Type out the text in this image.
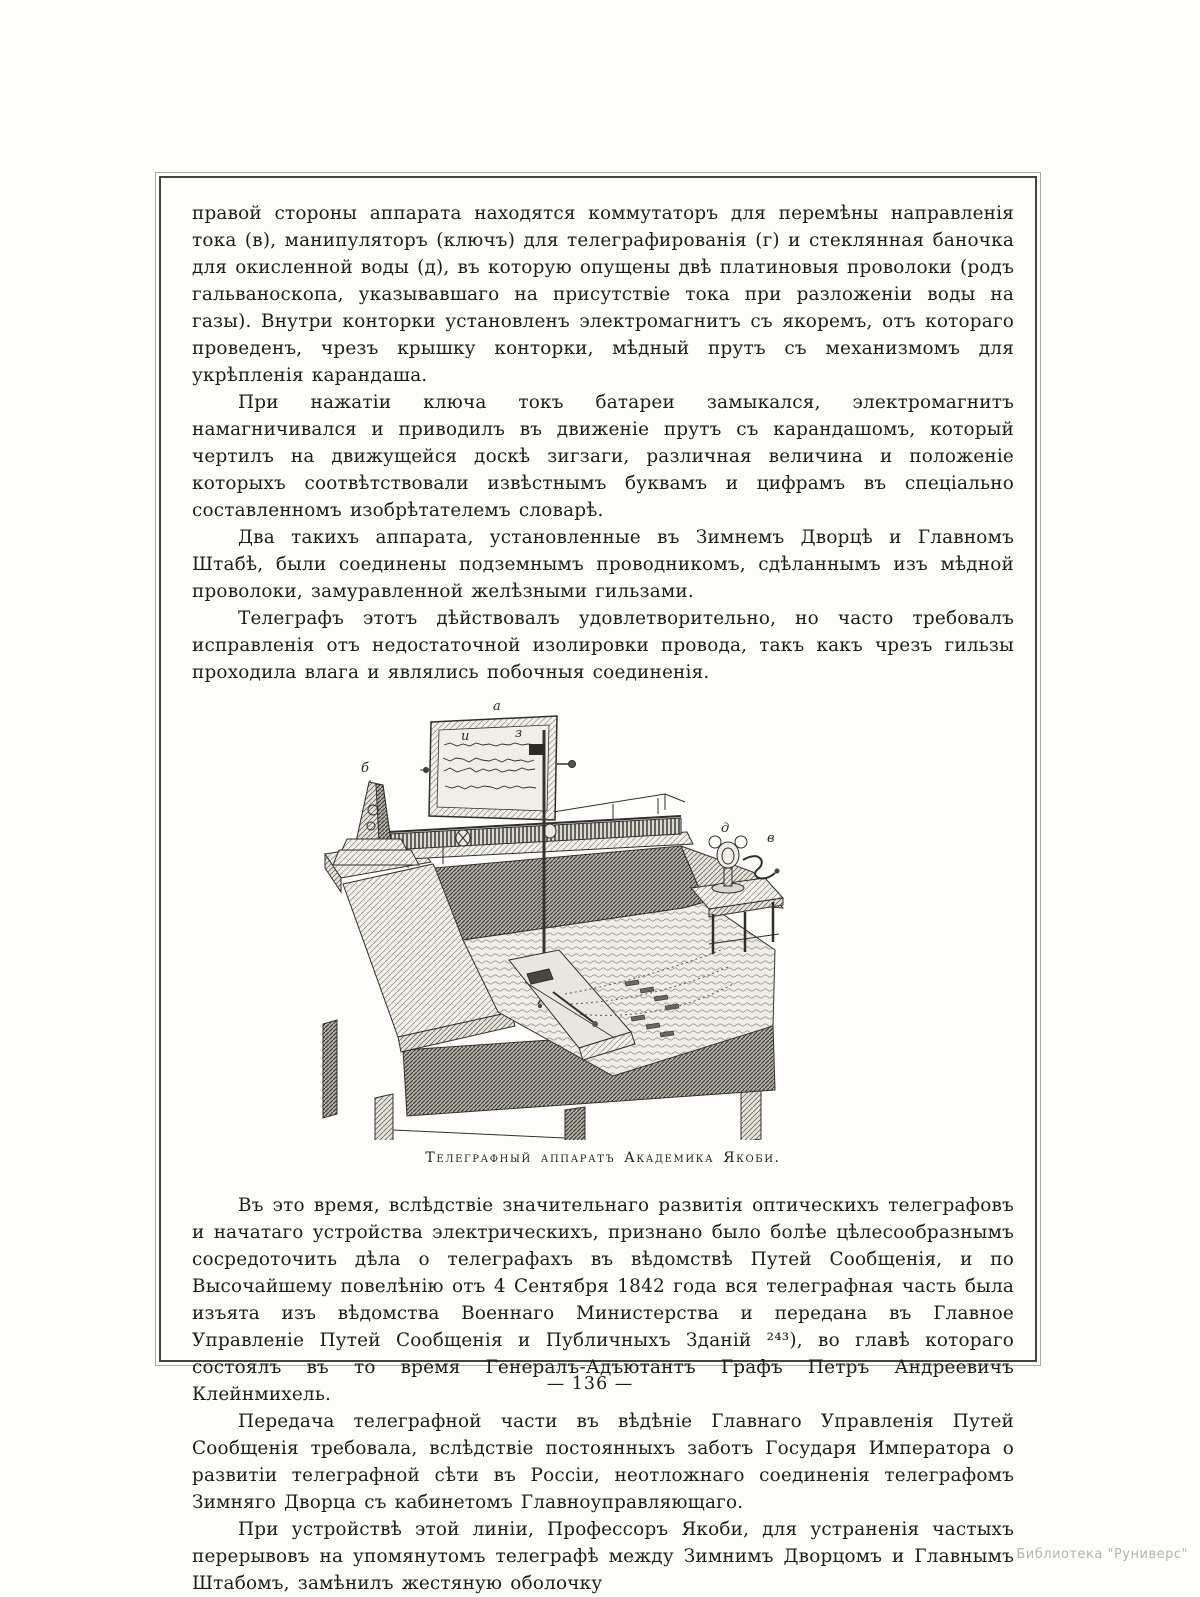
правой стороны аппарата находятся коммутаторъ для перемѣны направленія тока (в), манипуляторъ (ключъ) для телеграфированія (г) и стеклянная баночка для окисленной воды (д), въ которую опущены двѣ платиновыя проволоки (родъ гальваноскопа, указывавшаго на присутствіе тока при разложеніи воды на газы). Внутри конторки установленъ электромагнитъ съ якоремъ, отъ котораго проведенъ, чрезъ крышку конторки, мѣдный прутъ съ механизмомъ для укрѣпленія карандаша.

При нажатіи ключа токъ батареи замыкался, электромагнитъ намагничивался и приводилъ въ движеніе прутъ съ карандашомъ, который чертилъ на движущейся доскѣ зигзаги, различная величина и положеніе которыхъ соотвѣтствовали извѣстнымъ буквамъ и цифрамъ въ спеціально составленномъ изобрѣтателемъ словарѣ.

Два такихъ аппарата, установленные въ Зимнемъ Дворцѣ и Главномъ Штабѣ, были соединены подземнымъ проводникомъ, сдѣланнымъ изъ мѣдной проволоки, замуравленной желѣзными гильзами.

Телеграфъ этотъ дѣйствовалъ удовлетворительно, но часто требовалъ исправленія отъ недостаточной изолировки провода, такъ какъ чрезъ гильзы проходила влага и являлись побочныя соединенія.

a
б
и	з
д
в
Телеграфный аппаратъ Академика Якоби.

Въ это время, вслѣдствіе значительнаго развитія оптическихъ телеграфовъ и начатаго устройства электрическихъ, признано было болѣе цѣлесообразнымъ сосредоточить дѣла о телеграфахъ въ вѣдомствѣ Путей Сообщенія, и по Высочайшему повелѣнію отъ 4 Сентября 1842 года вся телеграфная часть была изъята изъ вѣдомства Военнаго Министерства и передана въ Главное Управленіе Путей Сообщенія и Публичныхъ Зданій ²⁴³), во главѣ котораго состоялъ въ то время Генералъ-Адъютантъ Графъ Петръ Андреевичъ Клейнмихель.

Передача телеграфной части въ вѣдѣніе Главнаго Управленія Путей Сообщенія требовала, вслѣдствіе постоянныхъ заботъ Государя Императора о развитіи телеграфной сѣти въ Россіи, неотложнаго соединенія телеграфомъ Зимняго Дворца съ кабинетомъ Главноуправляющаго.

При устройствѣ этой линіи, Профессоръ Якоби, для устраненія частыхъ перерывовъ на упомянутомъ телеграфѣ между Зимнимъ Дворцомъ и Главнымъ Штабомъ, замѣнилъ жестяную оболочку

— 136 —
Библиотека "Руниверс"
